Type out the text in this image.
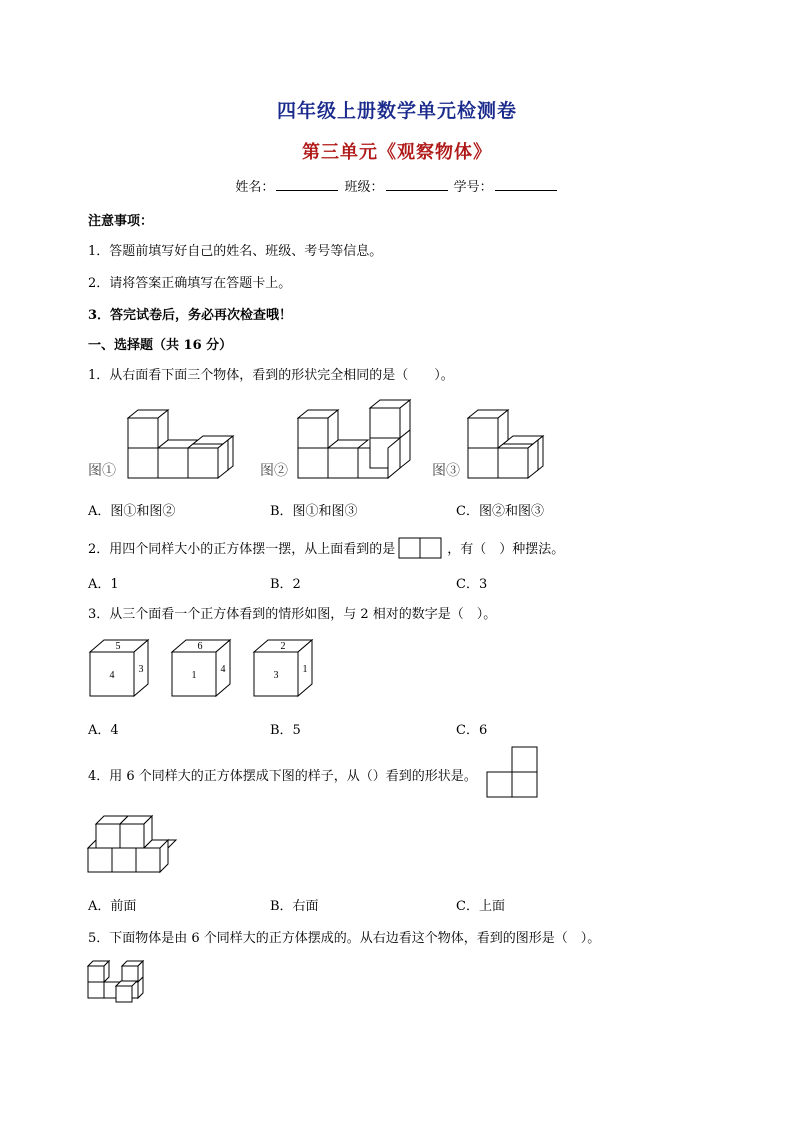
四年级上册数学单元检测卷
第三单元《观察物体》
姓名：	班级：	学号：
注意事项：
1．答题前填写好自己的姓名、班级、考号等信息。
2．请将答案正确填写在答题卡上。
3．答完试卷后，务必再次检查哦！
一、选择题（共 16 分）
1．从右面看下面三个物体，看到的形状完全相同的是（　　）。
图①	图②	图③
A．图①和图②	B．图①和图③	C．图②和图③
2．用四个同样大小的正方体摆一摆，从上面看到的是	，有（　）种摆法。
A．1	B．2	C．3
3．从三个面看一个正方体看到的情形如图，与 2 相对的数字是（　）。
5
4
3
6
1
4
2
3
1
A．4	B．5	C．6
4．用 6 个同样大的正方体摆成下图的样子，从（）看到的形状是。
A．前面	B．右面	C．上面
5．下面物体是由 6 个同样大的正方体摆成的。从右边看这个物体，看到的图形是（　）。
